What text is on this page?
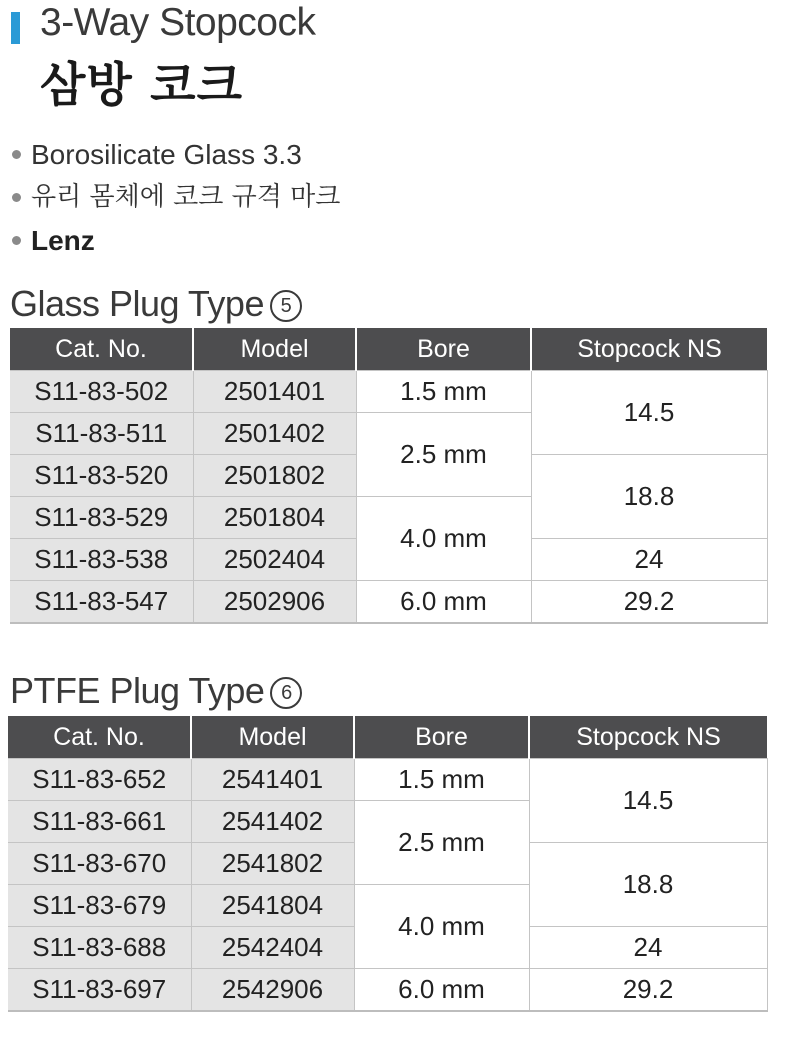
3-Way Stopcock
삼방 코크
Borosilicate Glass 3.3
유리 몸체에 코크 규격 마크
Lenz
Glass Plug Type 5
Cat. No.	Model	Bore	Stopcock NS
S11-83-502	2501401	1.5 mm	14.5
S11-83-511	2501402	2.5 mm	
S11-83-520	2501802		18.8
S11-83-529	2501804	4.0 mm	
S11-83-538	2502404		24
S11-83-547	2502906	6.0 mm	29.2
PTFE Plug Type 6
Cat. No.	Model	Bore	Stopcock NS
S11-83-652	2541401	1.5 mm	14.5
S11-83-661	2541402	2.5 mm	
S11-83-670	2541802		18.8
S11-83-679	2541804	4.0 mm	
S11-83-688	2542404		24
S11-83-697	2542906	6.0 mm	29.2
